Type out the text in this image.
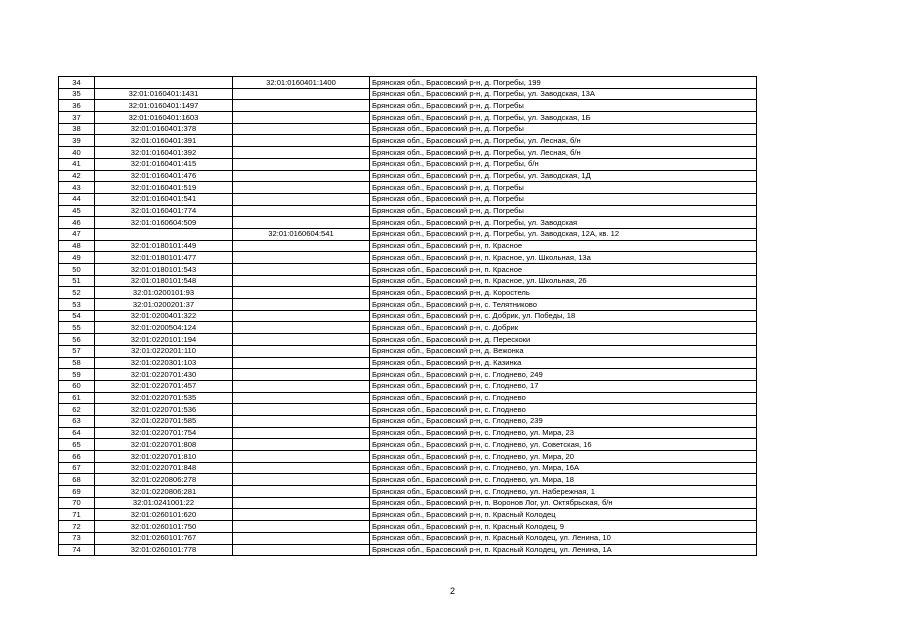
34		32:01:0160401:1400	Брянская обл., Брасовский р-н, д. Погребы, 199
35	32:01:0160401:1431		Брянская обл., Брасовский р-н, д. Погребы, ул. Заводская, 13А
36	32:01:0160401:1497		Брянская обл., Брасовский р-н, д. Погребы
37	32:01:0160401:1603		Брянская обл., Брасовский р-н, д. Погребы, ул. Заводская, 1Б
38	32:01:0160401:378		Брянская обл., Брасовский р-н, д. Погребы
39	32:01:0160401:391		Брянская обл., Брасовский р-н, д. Погребы, ул. Лесная, б/н
40	32:01:0160401:392		Брянская обл., Брасовский р-н, д. Погребы, ул. Лесная, б/н
41	32:01:0160401:415		Брянская обл., Брасовский р-н, д. Погребы, б/н
42	32:01:0160401:476		Брянская обл., Брасовский р-н, д. Погребы, ул. Заводская, 1Д
43	32:01:0160401:519		Брянская обл., Брасовский р-н, д. Погребы
44	32:01:0160401:541		Брянская обл., Брасовский р-н, д. Погребы
45	32:01:0160401:774		Брянская обл., Брасовский р-н, д. Погребы
46	32:01:0160604:509		Брянская обл., Брасовский р-н, д. Погребы, ул. Заводская
47		32:01:0160604:541	Брянская обл., Брасовский р-н, д. Погребы, ул. Заводская, 12А, кв. 12
48	32:01:0180101:449		Брянская обл., Брасовский р-н, п. Красное
49	32:01:0180101:477		Брянская обл., Брасовский р-н, п. Красное, ул. Школьная, 13а
50	32:01:0180101:543		Брянская обл., Брасовский р-н, п. Красное
51	32:01:0180101:548		Брянская обл., Брасовский р-н, п. Красное, ул. Школьная, 26
52	32:01:0200101:93		Брянская обл., Брасовский р-н, д. Коростель
53	32:01:0200201:37		Брянская обл., Брасовский р-н, с. Телятниково
54	32:01:0200401:322		Брянская обл., Брасовский р-н, с. Добрик, ул. Победы, 18
55	32:01:0200504:124		Брянская обл., Брасовский р-н, с. Добрик
56	32:01:0220101:194		Брянская обл., Брасовский р-н, д. Перескоки
57	32:01:0220201:110		Брянская обл., Брасовский р-н, д. Вежонка
58	32:01:0220301:103		Брянская обл., Брасовский р-н, д. Казинка
59	32:01:0220701:430		Брянская обл., Брасовский р-н, с. Глоднево, 249
60	32:01:0220701:457		Брянская обл., Брасовский р-н, с. Глоднево, 17
61	32:01:0220701:535		Брянская обл., Брасовский р-н, с. Глоднево
62	32:01:0220701:536		Брянская обл., Брасовский р-н, с. Глоднево
63	32:01:0220701:585		Брянская обл., Брасовский р-н, с. Глоднево, 239
64	32:01:0220701:754		Брянская обл., Брасовский р-н, с. Глоднево, ул. Мира, 23
65	32:01:0220701:808		Брянская обл., Брасовский р-н, с. Глоднево, ул. Советская, 16
66	32:01:0220701:810		Брянская обл., Брасовский р-н, с. Глоднево, ул. Мира, 20
67	32:01:0220701:848		Брянская обл., Брасовский р-н, с. Глоднево, ул. Мира, 16А
68	32:01:0220806:278		Брянская обл., Брасовский р-н, с. Глоднево, ул. Мира, 18
69	32:01:0220806:281		Брянская обл., Брасовский р-н, с. Глоднево, ул. Набережная, 1
70	32:01:0241001:22		Брянская обл., Брасовский р-н, п. Воронов Лог, ул. Октябрьская, б/н
71	32:01:0260101:620		Брянская обл., Брасовский р-н, п. Красный Колодец
72	32:01:0260101:750		Брянская обл., Брасовский р-н, п. Красный Колодец, 9
73	32:01:0260101:767		Брянская обл., Брасовский р-н, п. Красный Колодец, ул. Ленина, 10
74	32:01:0260101:778		Брянская обл., Брасовский р-н, п. Красный Колодец, ул. Ленина, 1А
2
